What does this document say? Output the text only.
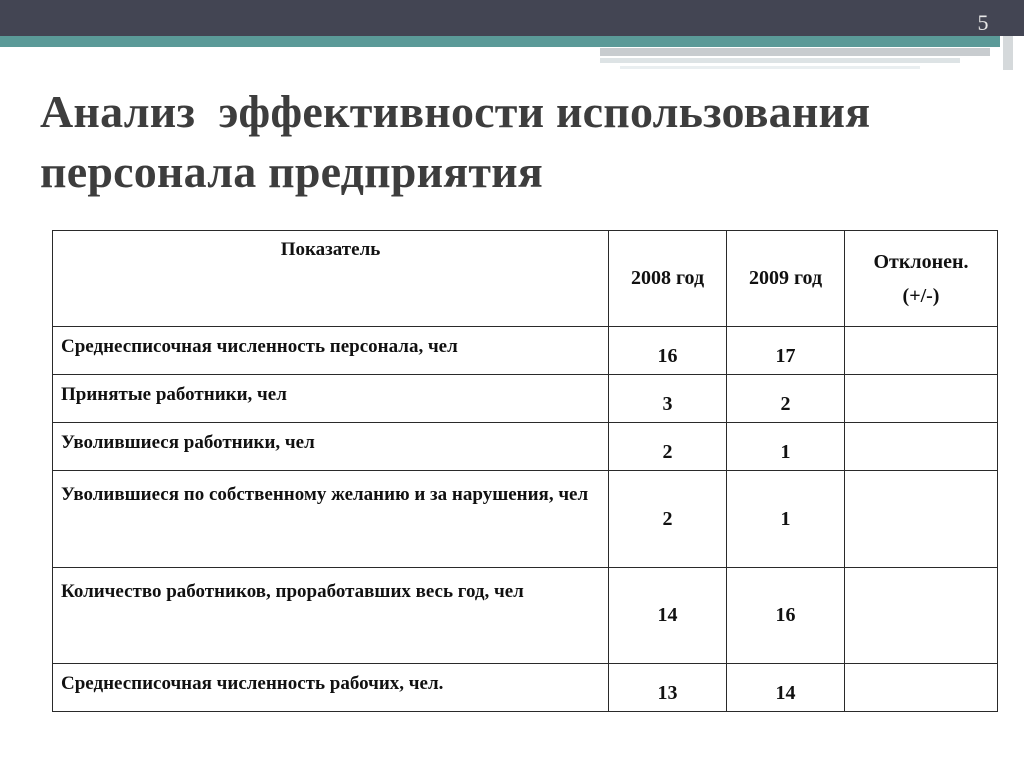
5
Анализ  эффективности использования
персонала предприятия
Показатель	2008 год	2009 год	Отклонен.
(+/-)

Среднесписочная численность персонала, чел	16	17	
Принятые работники, чел	3	2	
Уволившиеся работники, чел	2	1	
Уволившиеся по собственному желанию и за нарушения, чел	2	1	
Количество работников, проработавших весь год, чел	14	16	
Среднесписочная численность рабочих, чел.	13	14	
